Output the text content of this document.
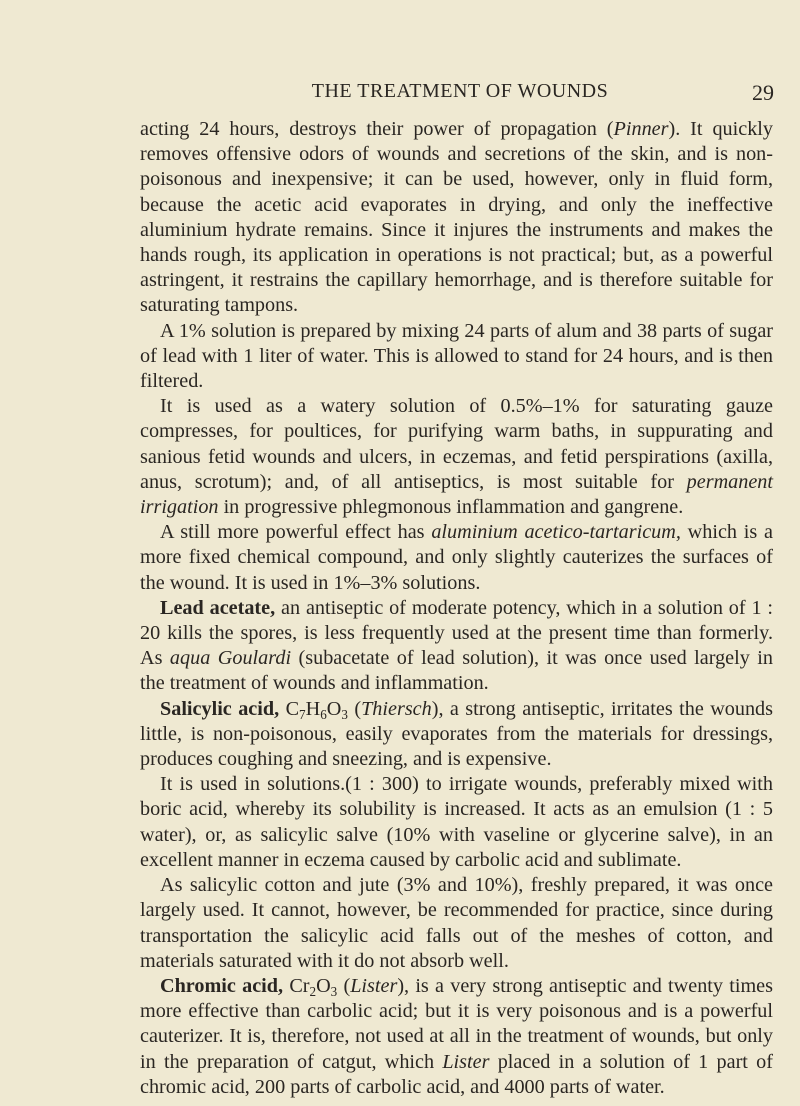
THE TREATMENT OF WOUNDS	29

acting 24 hours, destroys their power of propagation (Pinner). It quickly removes offensive odors of wounds and secretions of the skin, and is non-poisonous and inexpensive; it can be used, however, only in fluid form, because the acetic acid evaporates in drying, and only the ineffective aluminium hydrate remains. Since it injures the instruments and makes the hands rough, its application in operations is not practical; but, as a powerful astringent, it restrains the capillary hemorrhage, and is therefore suitable for saturating tampons.

A 1% solution is prepared by mixing 24 parts of alum and 38 parts of sugar of lead with 1 liter of water. This is allowed to stand for 24 hours, and is then filtered.

It is used as a watery solution of 0.5%–1% for saturating gauze compresses, for poultices, for purifying warm baths, in suppurating and sanious fetid wounds and ulcers, in eczemas, and fetid perspirations (axilla, anus, scrotum); and, of all antiseptics, is most suitable for permanent irrigation in progressive phlegmonous inflammation and gangrene.

A still more powerful effect has aluminium acetico-tartaricum, which is a more fixed chemical compound, and only slightly cauterizes the surfaces of the wound. It is used in 1%–3% solutions.

Lead acetate, an antiseptic of moderate potency, which in a solution of 1 : 20 kills the spores, is less frequently used at the present time than formerly. As aqua Goulardi (subacetate of lead solution), it was once used largely in the treatment of wounds and inflammation.

Salicylic acid, $C_7H_6O_3$ (Thiersch), a strong antiseptic, irritates the wounds little, is non-poisonous, easily evaporates from the materials for dressings, produces coughing and sneezing, and is expensive.

It is used in solutions.(1 : 300) to irrigate wounds, preferably mixed with boric acid, whereby its solubility is increased. It acts as an emulsion (1 : 5 water), or, as salicylic salve (10% with vaseline or glycerine salve), in an excellent manner in eczema caused by carbolic acid and sublimate.

As salicylic cotton and jute (3% and 10%), freshly prepared, it was once largely used. It cannot, however, be recommended for practice, since during transportation the salicylic acid falls out of the meshes of cotton, and materials saturated with it do not absorb well.

Chromic acid, $Cr_2O_3$ (Lister), is a very strong antiseptic and twenty times more effective than carbolic acid; but it is very poisonous and is a powerful cauterizer. It is, therefore, not used at all in the treatment of wounds, but only in the preparation of catgut, which Lister placed in a solution of 1 part of chromic acid, 200 parts of carbolic acid, and 4000 parts of water.
